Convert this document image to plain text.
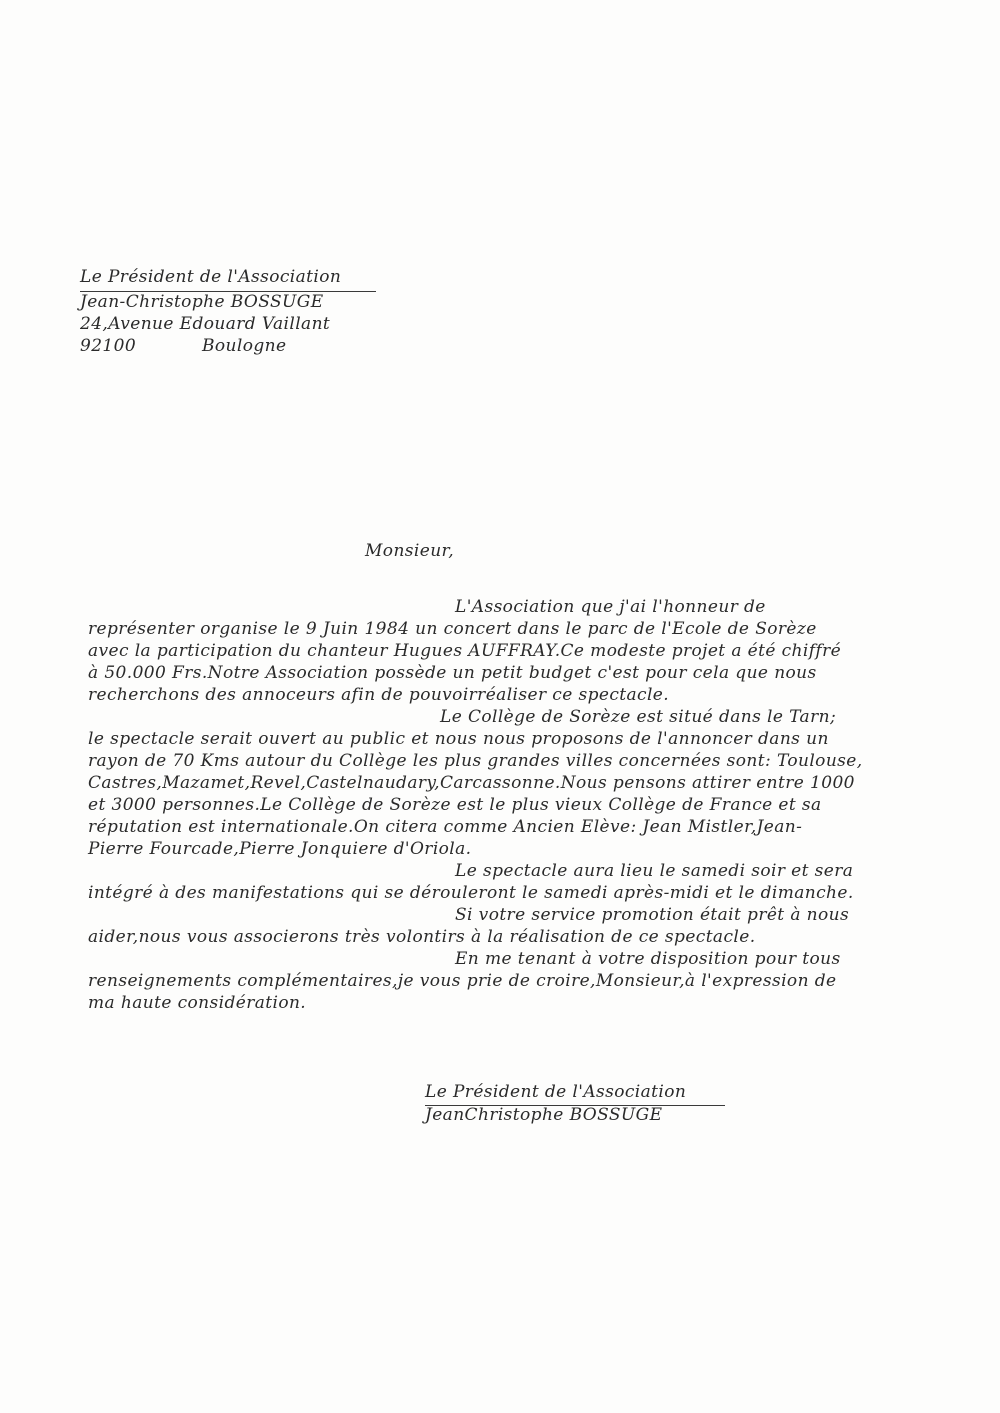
Le Président de l'Association
Jean-Christophe BOSSUGE
24,Avenue Edouard Vaillant
92100	Boulogne
Monsieur,
L'Association que j'ai l'honneur de
représenter organise le 9 Juin 1984 un concert dans le parc de l'Ecole de Sorèze
avec la participation du chanteur Hugues AUFFRAY.Ce modeste projet a été chiffré
à 50.000 Frs.Notre Association possède un petit budget c'est pour cela que nous
recherchons des annoceurs afin de pouvoirréaliser ce spectacle.
Le Collège de Sorèze est situé dans le Tarn;
le spectacle serait ouvert au public et nous nous proposons de l'annoncer dans un
rayon de 70 Kms autour du Collège les plus grandes villes concernées sont: Toulouse,
Castres,Mazamet,Revel,Castelnaudary,Carcassonne.Nous pensons attirer entre 1000
et 3000 personnes.Le Collège de Sorèze est le plus vieux Collège de France et sa
réputation est internationale.On citera comme Ancien Elève: Jean Mistler,Jean-
Pierre Fourcade,Pierre Jonquiere d'Oriola.
Le spectacle aura lieu le samedi soir et sera
intégré à des manifestations qui se dérouleront le samedi après-midi et le dimanche.
Si votre service promotion était prêt à nous
aider,nous vous associerons très volontirs à la réalisation de ce spectacle.
En me tenant à votre disposition pour tous
renseignements complémentaires,je vous prie de croire,Monsieur,à l'expression de
ma haute considération.
Le Président de l'Association
JeanChristophe BOSSUGE
